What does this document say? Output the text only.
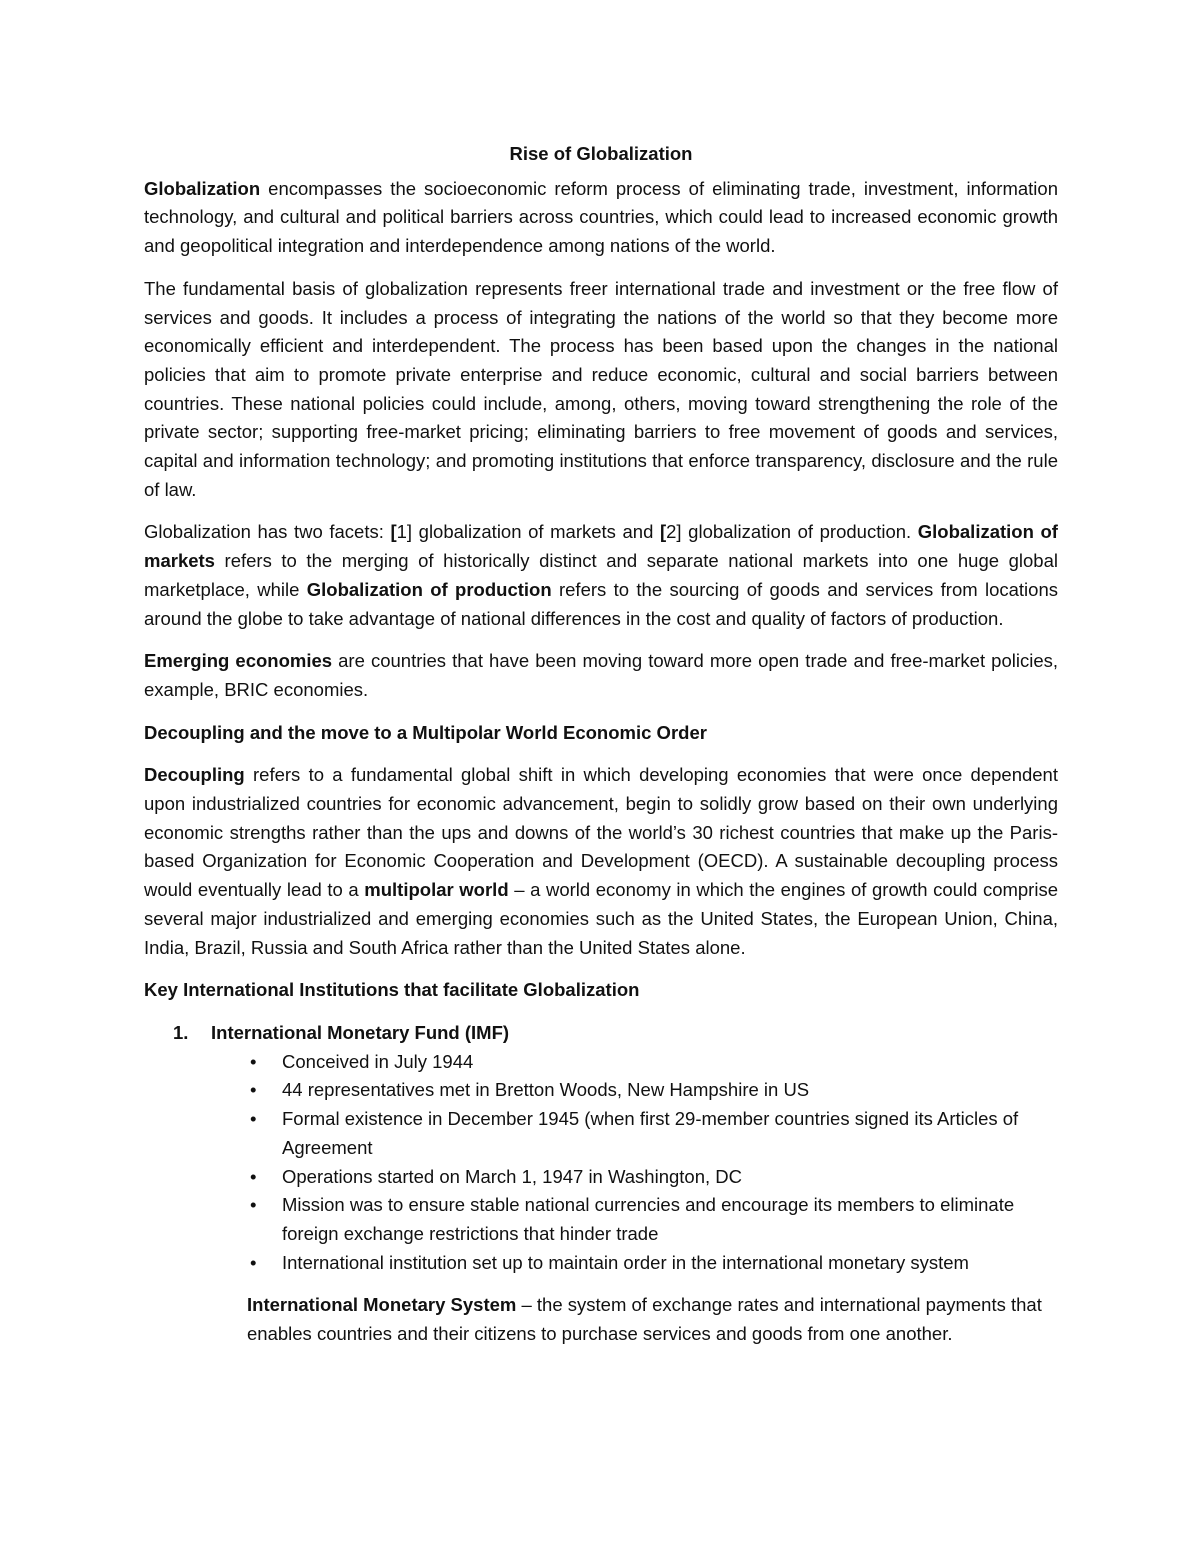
Rise of Globalization

Globalization encompasses the socioeconomic reform process of eliminating trade, investment, information technology, and cultural and political barriers across countries, which could lead to increased economic growth and geopolitical integration and interdependence among nations of the world.

The fundamental basis of globalization represents freer international trade and investment or the free flow of services and goods. It includes a process of integrating the nations of the world so that they become more economically efficient and interdependent. The process has been based upon the changes in the national policies that aim to promote private enterprise and reduce economic, cultural and social barriers between countries. These national policies could include, among, others, moving toward strengthening the role of the private sector; supporting free-market pricing; eliminating barriers to free movement of goods and services, capital and information technology; and promoting institutions that enforce transparency, disclosure and the rule of law.

Globalization has two facets: [1] globalization of markets and [2] globalization of production. Globalization of markets refers to the merging of historically distinct and separate national markets into one huge global marketplace, while Globalization of production refers to the sourcing of goods and services from locations around the globe to take advantage of national differences in the cost and quality of factors of production.

Emerging economies are countries that have been moving toward more open trade and free-market policies, example, BRIC economies.

Decoupling and the move to a Multipolar World Economic Order

Decoupling refers to a fundamental global shift in which developing economies that were once dependent upon industrialized countries for economic advancement, begin to solidly grow based on their own underlying economic strengths rather than the ups and downs of the world’s 30 richest countries that make up the Paris-based Organization for Economic Cooperation and Development (OECD). A sustainable decoupling process would eventually lead to a multipolar world – a world economy in which the engines of growth could comprise several major industrialized and emerging economies such as the United States, the European Union, China, India, Brazil, Russia and South Africa rather than the United States alone.

Key International Institutions that facilitate Globalization
1. International Monetary Fund (IMF)
• Conceived in July 1944
• 44 representatives met in Bretton Woods, New Hampshire in US
• Formal existence in December 1945 (when first 29-member countries signed its Articles of Agreement
• Operations started on March 1, 1947 in Washington, DC
• Mission was to ensure stable national currencies and encourage its members to eliminate foreign exchange restrictions that hinder trade
• International institution set up to maintain order in the international monetary system

International Monetary System – the system of exchange rates and international payments that enables countries and their citizens to purchase services and goods from one another.
